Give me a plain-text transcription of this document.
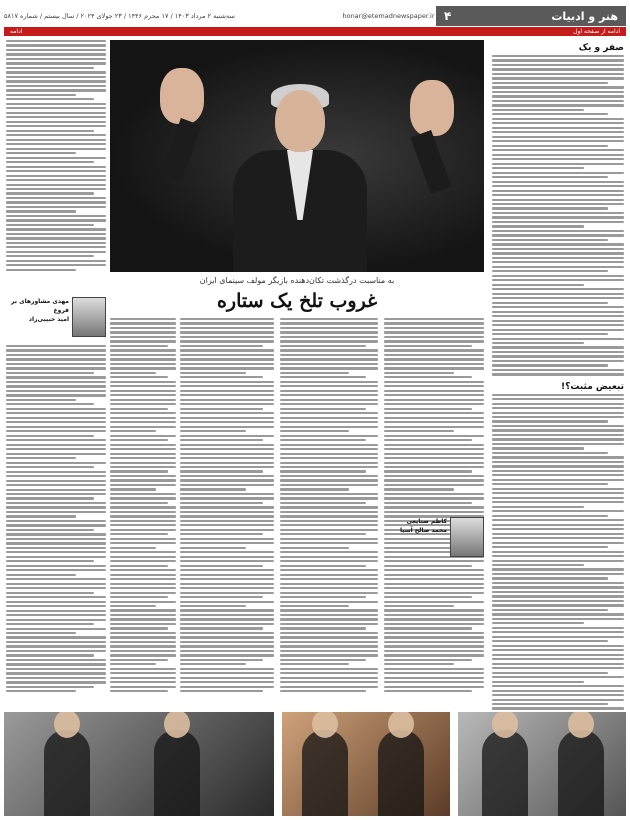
سه‌شنبه ۲ مرداد ۱۴۰۳ / ۱۷ محرم ۱۴۴۶ / ۲۳ جولای ۲۰۲۴ / سال بیستم / شماره ۵۸۱۷	honar@etemadnewspaper.ir	هنر و ادبیات
۴
ادامه از صفحه اول
ادامه
صفر و یک
تبعیض مثبت؟!
به مناسبت درگذشت تکان‌دهنده بازیگر مولف سینمای ایران
غروب تلخ یک ستاره
مهدی مشاورهای بر فروغ
امید حبیبی‌راد
کاظم صنایعی
محمد صالح آسیا
